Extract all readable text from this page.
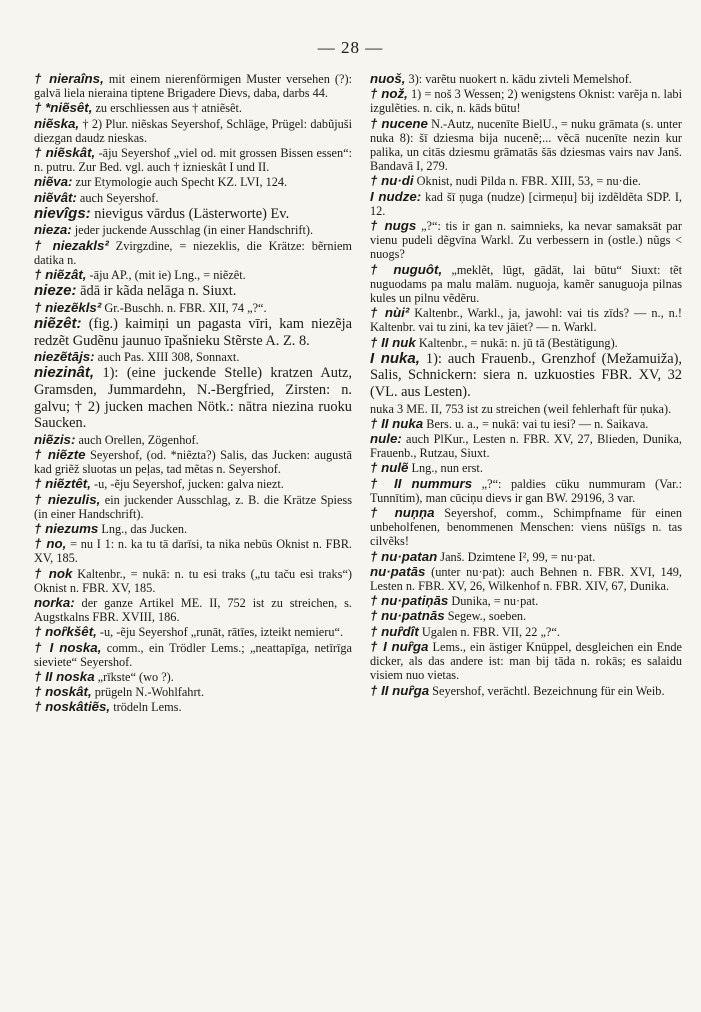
— 28 —
† nieraîns, mit einem nierenförmigen Muster versehen (?): galvā liela nieraina tiptene Brigadere Dievs, daba, darbs 44.
† *niẽsêt, zu erschliessen aus † atniẽsêt.
niẽska, † 2) Plur. niẽskas Seyershof, Schläge, Prügel: dabũjuši diezgan daudz nieskas.
† niẽskât, -āju Seyershof „viel od. mit grossen Bissen essen“: n. putru. Zur Bed. vgl. auch † iznieskât I und II.
niẽva: zur Etymologie auch Specht KZ. LVI, 124.
niẽvât: auch Seyershof.
nievîgs: nievigus vārdus (Lästerworte) Ev.
nieza: jeder juckende Ausschlag (in einer Handschrift).
† niezakls² Zvirgzdine, = niezeklis, die Krätze: bẽrniem datika n.
† niẽzât, -āju AP., (mit ie) Lng., = niẽzêt.
nieze: ādā ir kãda nelāga n. Siuxt.
† niezẽkls² Gr.-Buschh. n. FBR. XII, 74 „?“.
niẽzêt: (fig.) kaimiņi un pagasta vīri, kam niezẽja redzẽt Gudẽnu jaunuo īpašnieku Stẽrste A. Z. 8.
niezẽtājs: auch Pas. XIII 308, Sonnaxt.
niezinât, 1): (eine juckende Stelle) kratzen Autz, Gramsden, Jummardehn, N.-Bergfried, Zirsten: n. galvu; † 2) jucken machen Nötk.: nātra niezina ruoku Saucken.
niẽzis: auch Orellen, Zögenhof.
† niẽzte Seyershof, (od. *niẽzta?) Salis, das Jucken: augustā kad griẽž sluotas un peļas, tad mẽtas n. Seyershof.
† niẽztêt, -u, -ẽju Seyershof, jucken: galva niezt.
† niezulis, ein juckender Ausschlag, z. B. die Krätze Spiess (in einer Handschrift).
† niezums Lng., das Jucken.
† no, = nu I 1: n. ka tu tā darīsi, ta nika nebūs Oknist n. FBR. XV, 185.
† nok Kaltenbr., = nukā: n. tu esi traks („tu taču esi traks“) Oknist n. FBR. XV, 185.
norka: der ganze Artikel ME. II, 752 ist zu streichen, s. Augstkalns FBR. XVIII, 186.
† noȓkšêt, -u, -ẽju Seyershof „runāt, rātīes, izteikt nemieru“.
† I noska, comm., ein Trödler Lems.; „neattapīga, netīrīga sieviete“ Seyershof.
† II noska „rīkste“ (wo ?).
† noskât, prügeln N.-Wohlfahrt.
† noskâtiẽs, trödeln Lems.
nuoš, 3): varẽtu nuokert n. kādu zivteli Memelshof.
† nož, 1) = noš 3 Wessen; 2) wenigstens Oknist: varẽja n. labi izgulẽties. n. cik, n. kāds būtu!
† nucene N.-Autz, nucenīte BielU., = nuku grāmata (s. unter nuka 8): šī dziesma bija nucenẽ;... vẽcā nucenīte nezin kur palika, un citās dziesmu grāmatās šās dziesmas vairs nav Janš. Bandavā I, 279.
† nu·di Oknist, nudi Pilda n. FBR. XIII, 53, = nu·die.
I nudze: kad šī ņuga (nudze) [cirmeņu] bij izdẽldẽta SDP. I, 12.
† nugs „?“: tis ir gan n. saimnieks, ka nevar samaksāt par vienu pudeli dẽgvīna Warkl. Zu verbessern in (ostle.) nũgs < nuogs?
† nuguôt, „meklẽt, lūgt, gādāt, lai būtu“ Siuxt: tẽt nuguodams pa malu malām. nuguoja, kamẽr sanuguoja pilnas kules un pilnu vẽdẽru.
† nùi² Kaltenbr., Warkl., ja, jawohl: vai tis zīds? — n., n.! Kaltenbr. vai tu zini, ka tev jāiet? — n. Warkl.
† II nuk Kaltenbr., = nukā: n. jū tā (Bestätigung).
I nuka, 1): auch Frauenb., Grenzhof (Mežamuiža), Salis, Schnickern: siera n. uzkuosties FBR. XV, 32 (VL. aus Lesten).
nuka 3 ME. II, 753 ist zu streichen (weil fehlerhaft für ņuka).
† II nuka Bers. u. a., = nukā: vai tu iesi? — n. Saikava.
nule: auch PlKur., Lesten n. FBR. XV, 27, Blieden, Dunika, Frauenb., Rutzau, Siuxt.
† nulẽ Lng., nun erst.
† II nummurs „?“: paldies cūku nummuram (Var.: Tunnītim), man cūciņu dievs ir gan BW. 29196, 3 var.
† nuņņa Seyershof, comm., Schimpfname für einen unbeholfenen, benommenen Menschen: viens nūšīgs n. tas cilvẽks!
† nu·patan Janš. Dzimtene I², 99, = nu·pat.
nu·patās (unter nu·pat): auch Behnen n. FBR. XVI, 149, Lesten n. FBR. XV, 26, Wilkenhof n. FBR. XIV, 67, Dunika.
† nu·patiņās Dunika, = nu·pat.
† nu·patnās Segew., soeben.
† nuȓdît Ugalen n. FBR. VII, 22 „?“.
† I nuȓga Lems., ein ästiger Knüppel, desgleichen ein Ende dicker, als das andere ist: man bij tāda n. rokās; es salaidu visiem nuo vietas.
† II nuȓga Seyershof, verächtl. Bezeichnung für ein Weib.
